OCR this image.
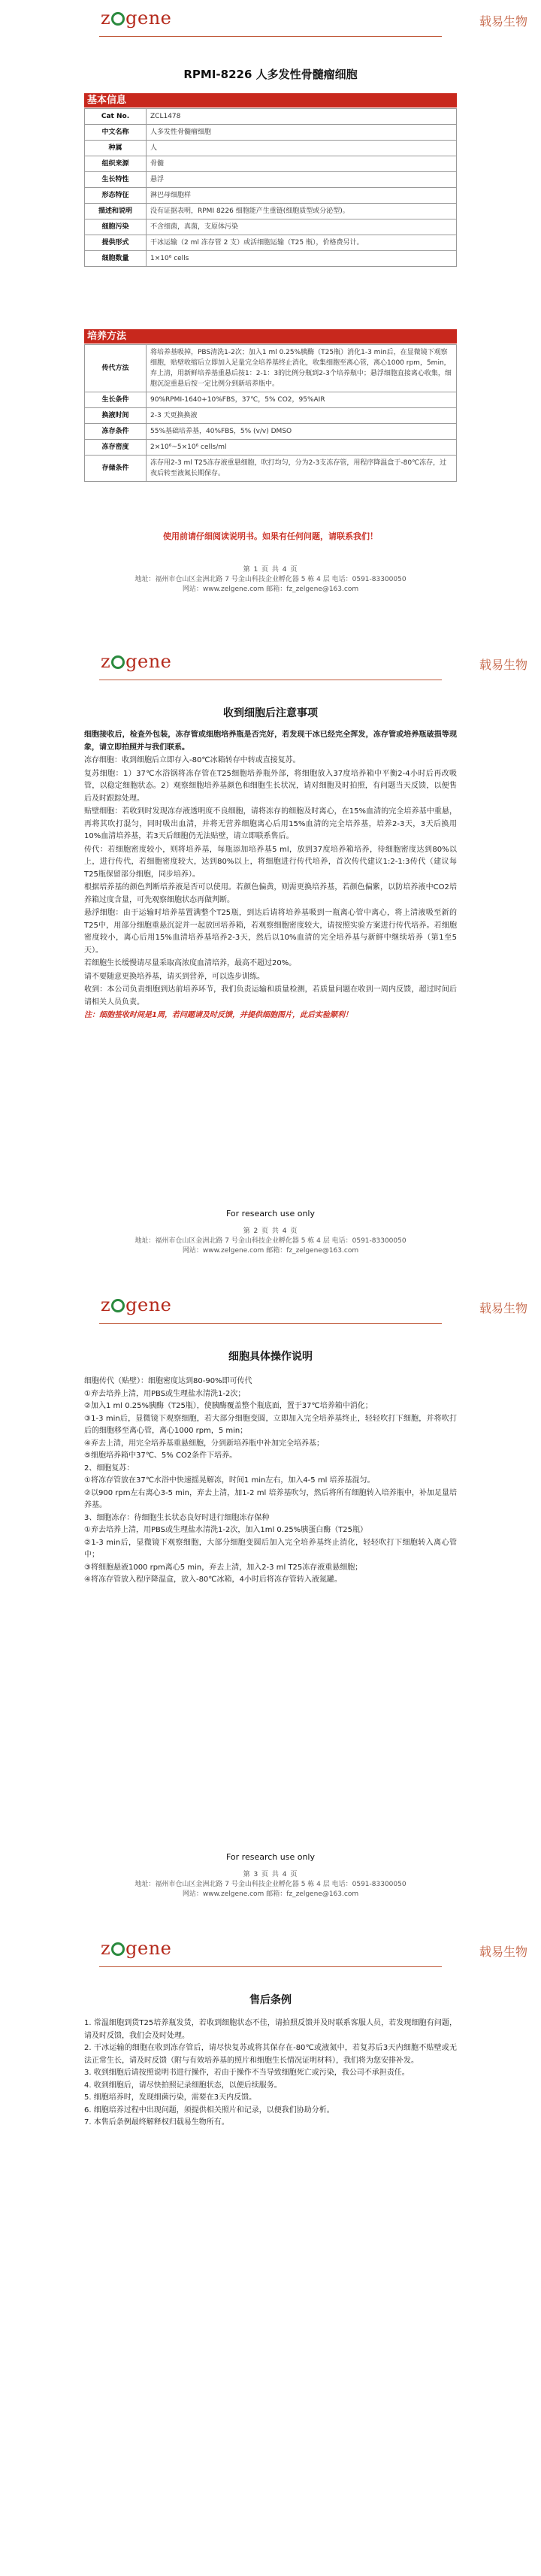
z gene	载易生物
RPMI-8226 人多发性骨髓瘤细胞
基本信息
Cat No.	ZCL1478
中文名称	人多发性骨髓瘤细胞
种属	人
组织来源	骨髓
生长特性	悬浮
形态特征	淋巴母细胞样
描述和说明	没有证据表明，RPMI 8226 细胞能产生重链(细胞质型或分泌型)。
细胞污染	不含细菌，真菌，支原体污染
提供形式	干冰运输（2 ml 冻存管 2 支）或活细胞运输（T25 瓶），价格费另计。
细胞数量	1×10⁶ cells
培养方法
传代方法	将培养基吸掉，PBS清洗1-2次；加入1 ml 0.25%胰酶（T25瓶）消化1-3 min后，在显微镜下观察细胞，贴壁收缩后立即加入足量完全培养基终止消化，收集细胞至离心管，离心1000 rpm，5min，弃上清，用新鲜培养基重悬后按1：2-1：3的比例分瓶到2-3个培养瓶中；悬浮细胞直接离心收集，细胞沉淀重悬后按一定比例分到新培养瓶中。
生长条件	90%RPMI-1640+10%FBS，37℃，5% CO2，95%AIR
换液时间	2-3 天更换换液
冻存条件	55%基础培养基，40%FBS，5% (v/v) DMSO
冻存密度	2×10⁶~5×10⁶ cells/ml
存储条件	冻存用2-3 ml T25冻存液重悬细胞，吹打均匀，分为2-3支冻存管，用程序降温盒于-80℃冻存，过夜后转至液氮长期保存。
使用前请仔细阅读说明书。如果有任何问题，请联系我们！
第 1 页 共 4 页
地址：福州市仓山区金洲北路 7 号金山科技企业孵化器 5 栋 4 层 电话：0591-83300050
网站：www.zelgene.com 邮箱：fz_zelgene@163.com
z gene	载易生物
收到细胞后注意事项

细胞接收后，检查外包装，冻存管或细胞培养瓶是否完好，若发现干冰已经完全挥发，冻存管或培养瓶破损等现象，请立即拍照并与我们联系。

冻存细胞：收到细胞后立即存入-80℃冰箱转存中转或直接复苏。

复苏细胞：1）37℃水浴锅将冻存管在T25细胞培养瓶外部，将细胞放入37度培养箱中平衡2-4小时后再改吸管，以稳定细胞状态。2）观察细胞培养基颜色和细胞生长状况，请对细胞及时拍照，有问题当天反馈，以便售后及时跟踪处理。

贴壁细胞：若收到时发现冻存液透明度不良细胞，请将冻存的细胞及时离心，在15%血清的完全培养基中重悬，再将其吹打混匀，同时吸出血清，并将无营养细胞离心后用15%血清的完全培养基，培养2-3天，3天后换用10%血清培养基，若3天后细胞仍无法贴壁，请立即联系售后。

传代：若细胞密度较小，则将培养基，每瓶添加培养基5 ml，放到37度培养箱培养，待细胞密度达到80%以上，进行传代，若细胞密度较大，达到80%以上，将细胞进行传代培养，首次传代建议1:2-1:3传代（建议每T25瓶保留部分细胞，同步培养）。

根据培养基的颜色判断培养液是否可以使用。若颜色偏黄，则需更换培养基，若颜色偏紫，以防培养液中CO2培养箱过度含量，可先观察细胞状态再做判断。

悬浮细胞：由于运输时培养基置满整个T25瓶，到达后请将培养基吸到一瓶离心管中离心，将上清液吸至新的T25中，用部分细胞重悬沉淀并一起放回培养箱，若观察细胞密度较大，请按照实验方案进行传代培养。若细胞密度较小，离心后用15%血清培养基培养2-3天，然后以10%血清的完全培养基与新鲜中继续培养（第1至5天）。

若细胞生长缓慢请尽量采取高浓度血清培养，最高不超过20%。

请不要随意更换培养基，请买到营养，可以选步训练。

收到：本公司负责细胞到达前培养环节，我们负责运输和质量检测，若质量问题在收到一周内反馈，超过时间后请相关人员负责。

注：细胞签收时间是1周，若问题请及时反馈，并提供细胞图片，此后实验顺利！

For research use only
第 2 页 共 4 页
地址：福州市仓山区金洲北路 7 号金山科技企业孵化器 5 栋 4 层 电话：0591-83300050
网站：www.zelgene.com 邮箱：fz_zelgene@163.com
z gene	载易生物
细胞具体操作说明

细胞传代（贴壁）：细胞密度达到80-90%即可传代

①弃去培养上清，用PBS或生理盐水清洗1-2次；

②加入1 ml 0.25%胰酶（T25瓶），使胰酶覆盖整个瓶底面，置于37℃培养箱中消化；

③1-3 min后，显微镜下观察细胞，若大部分细胞变圆，立即加入完全培养基终止，轻轻吹打下细胞，并将吹打后的细胞移至离心管，离心1000 rpm，5 min；

④弃去上清，用完全培养基重悬细胞，分到新培养瓶中补加完全培养基；

⑤细胞培养箱中37℃、5% CO2条件下培养。

2、细胞复苏：

①将冻存管放在37℃水浴中快速摇晃解冻，时间1 min左右，加入4-5 ml 培养基混匀。

②以900 rpm左右离心3-5 min，弃去上清，加1-2 ml 培养基吹匀，然后将所有细胞转入培养瓶中，补加足量培养基。

3、细胞冻存：待细胞生长状态良好时进行细胞冻存保种

①弃去培养上清，用PBS或生理盐水清洗1-2次，加入1ml 0.25%胰蛋白酶（T25瓶）

②1-3 min后，显微镜下观察细胞，大部分细胞变圆后加入完全培养基终止消化，轻轻吹打下细胞转入离心管中；

③将细胞悬液1000 rpm离心5 min，弃去上清，加入2-3 ml T25冻存液重悬细胞；

④将冻存管放入程序降温盒，放入-80℃冰箱，4小时后将冻存管转入液氮罐。

For research use only
第 3 页 共 4 页
地址：福州市仓山区金洲北路 7 号金山科技企业孵化器 5 栋 4 层 电话：0591-83300050
网站：www.zelgene.com 邮箱：fz_zelgene@163.com
z gene	载易生物
售后条例

1. 常温细胞到货T25培养瓶发货，若收到细胞状态不佳，请拍照反馈并及时联系客服人员，若发现细胞有问题，请及时反馈，我们会及时处理。

2. 干冰运输的细胞在收到冻存管后，请尽快复苏或将其保存在-80℃或液氮中，若复苏后3天内细胞不贴壁或无法正常生长，请及时反馈（附与有效培养基的照片和细胞生长情况证明材料），我们将为您安排补发。

3. 收到细胞后请按照说明书进行操作，若由于操作不当导致细胞死亡或污染，我公司不承担责任。

4. 收到细胞后，请尽快拍照记录细胞状态，以便后续服务。

5. 细胞培养时，发现细菌污染，需要在3天内反馈。

6. 细胞培养过程中出现问题，须提供相关照片和记录，以便我们协助分析。

7. 本售后条例最终解释权归载易生物所有。
